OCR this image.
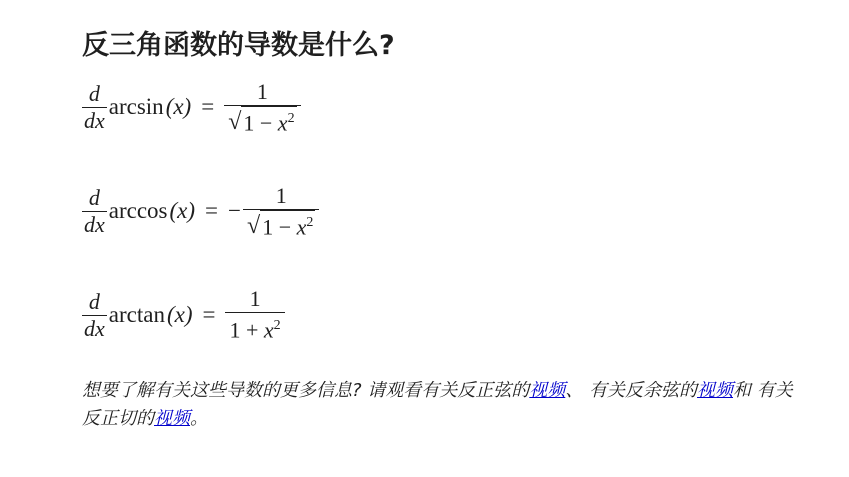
反三角函数的导数是什么?
$\frac{d}{dx}$ $\arcsin (x) = \frac{1}{√ 1 - x^2}$
$\frac{d}{dx}$ arccos (x) = − $\frac{1}{√ 1 - x^2}$
$\frac{d}{dx}$ $\arctan (x) = \frac{1}{1 + x^2}$

想要了解有关这些导数的更多信息? 请观看有关反正弦的视频、 有关反余弦的视频和 有关反正切的视频。
